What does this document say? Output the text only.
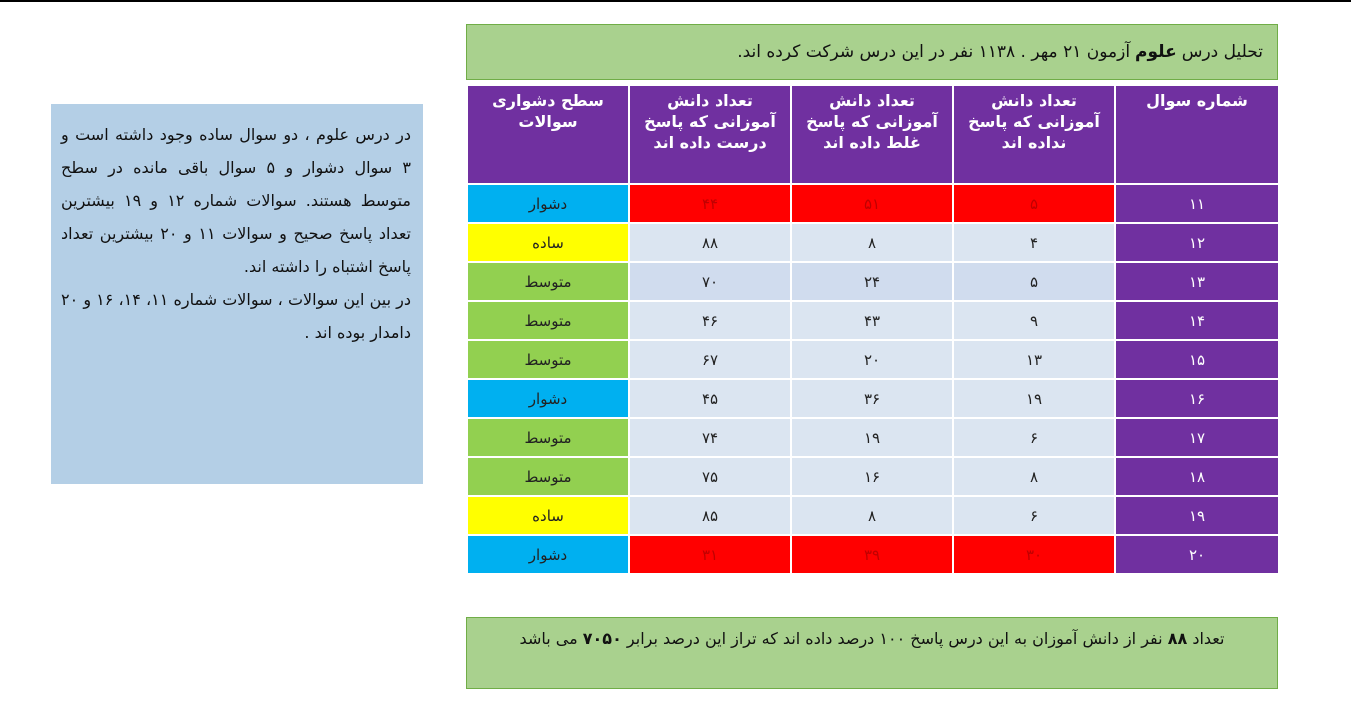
تحلیل درس
علوم
آزمون ۲۱ مهر . ۱۱۳۸ نفر در این درس شرکت کرده اند.
شماره سوال	تعداد دانش آموزانی که پاسخ نداده اند	تعداد دانش آموزانی که پاسخ غلط داده اند	تعداد دانش آموزانی که پاسخ درست داده اند	سطح دشواری سوالات
۱۱	۵	۵۱	۴۴	دشوار
۱۲	۴	۸	۸۸	ساده
۱۳	۵	۲۴	۷۰	متوسط
۱۴	۹	۴۳	۴۶	متوسط
۱۵	۱۳	۲۰	۶۷	متوسط
۱۶	۱۹	۳۶	۴۵	دشوار
۱۷	۶	۱۹	۷۴	متوسط
۱۸	۸	۱۶	۷۵	متوسط
۱۹	۶	۸	۸۵	ساده
۲۰	۳۰	۳۹	۳۱	دشوار

در درس علوم ، دو سوال ساده وجود داشته است و ۳ سوال دشوار و ۵ سوال باقی مانده در سطح متوسط هستند. سوالات شماره ۱۲ و ۱۹ بیشترین تعداد پاسخ صحیح و سوالات ۱۱ و ۲۰ بیشترین تعداد پاسخ اشتباه را داشته اند.

در بین این سوالات ، سوالات شماره ۱۱، ۱۴، ۱۶ و ۲۰ دامدار بوده اند .

تعداد ۸۸ نفر از دانش آموزان به این درس پاسخ ۱۰۰ درصد داده اند که تراز این درصد برابر ۷۰۵۰ می باشد
